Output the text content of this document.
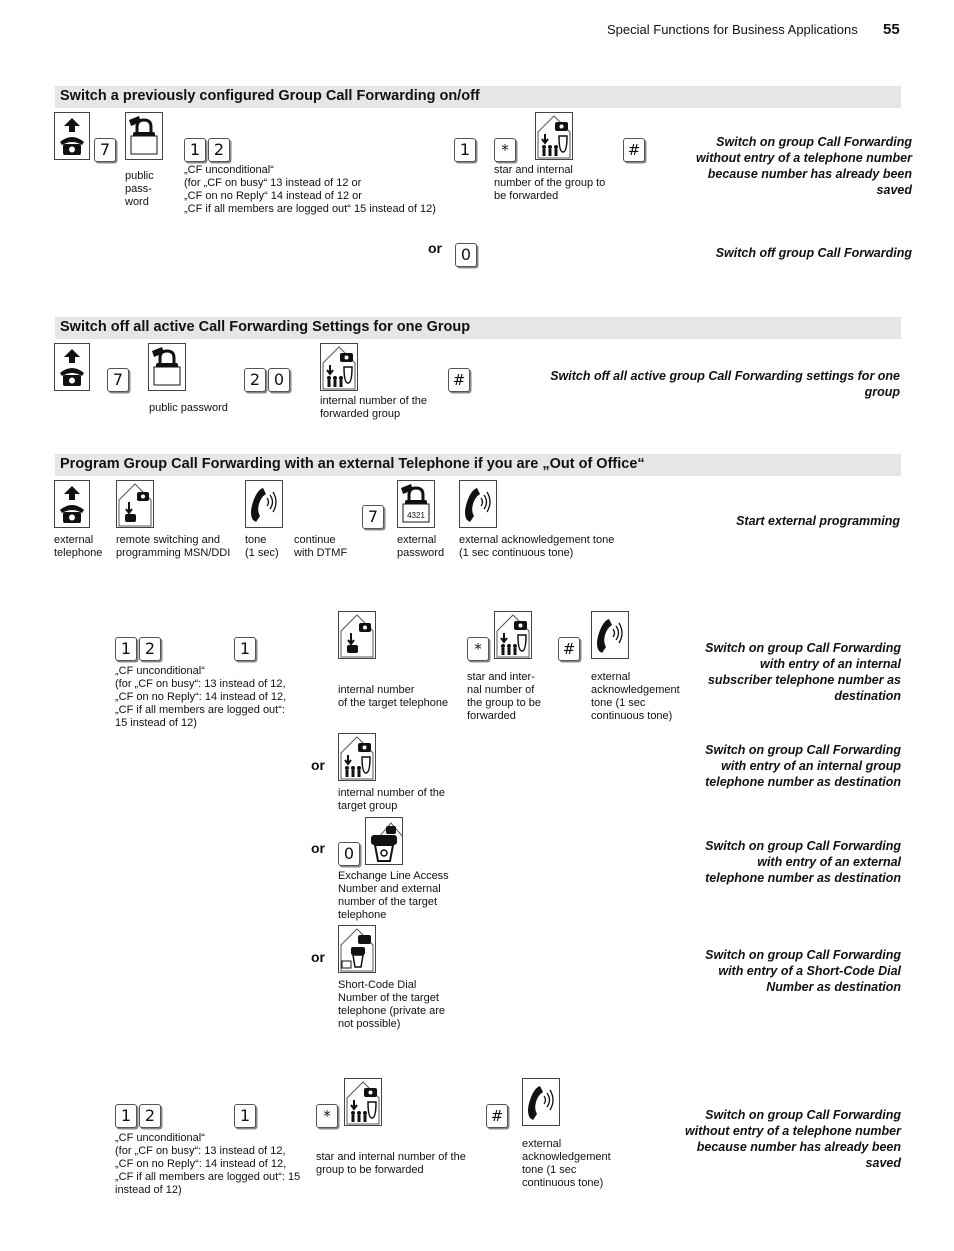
Special Functions for Business Applications 55
Switch a previously configured Group Call Forwarding on/off
7	1 2	1	*	#
public
pass-
word
„CF unconditional“
(for „CF on busy“ 13 instead of 12 or
„CF on no Reply“ 14 instead of 12 or
„CF if all members are logged out“ 15 instead of 12)
star and internal
number of the group to
be forwarded
Switch on group Call Forwarding without entry of a telephone number because number has already been saved
or	0	Switch off group Call Forwarding
Switch off all active Call Forwarding Settings for one Group
7	2 0	#
public password
internal number of the
forwarded group
Switch off all active group Call Forwarding settings for one group
Program Group Call Forwarding with an external Telephone if you are „Out of Office“
7	4321
external
telephone
remote switching and
programming MSN/DDI
tone
(1 sec)
continue
with DTMF
external
password
external acknowledgement tone
(1 sec continuous tone)
Start external programming
1 2	1	*	#
„CF unconditional“
(for „CF on busy“: 13 instead of 12,
„CF on no Reply“: 14 instead of 12,
„CF if all members are logged out“:
15 instead of 12)
internal number
of the target telephone
star and inter-
nal number of
the group to be
forwarded
external
acknowledgement
tone (1 sec
continuous tone)
Switch on group Call Forwarding with entry of an internal subscriber telephone number as destination
or
internal number of the
target group
Switch on group Call Forwarding with entry of an internal group telephone number as destination
or	0
Exchange Line Access
Number and external
number of the target
telephone
Switch on group Call Forwarding with entry of an external telephone number as destination
or
Short-Code Dial
Number of the target
telephone (private are
not possible)
Switch on group Call Forwarding with entry of a Short-Code Dial Number as destination
1 2	1	*	#
„CF unconditional“
(for „CF on busy“: 13 instead of 12,
„CF on no Reply“: 14 instead of 12,
„CF if all members are logged out“: 15
instead of 12)
star and internal number of the
group to be forwarded
external
acknowledgement
tone (1 sec
continuous tone)
Switch on group Call Forwarding without entry of a telephone number because number has already been saved
